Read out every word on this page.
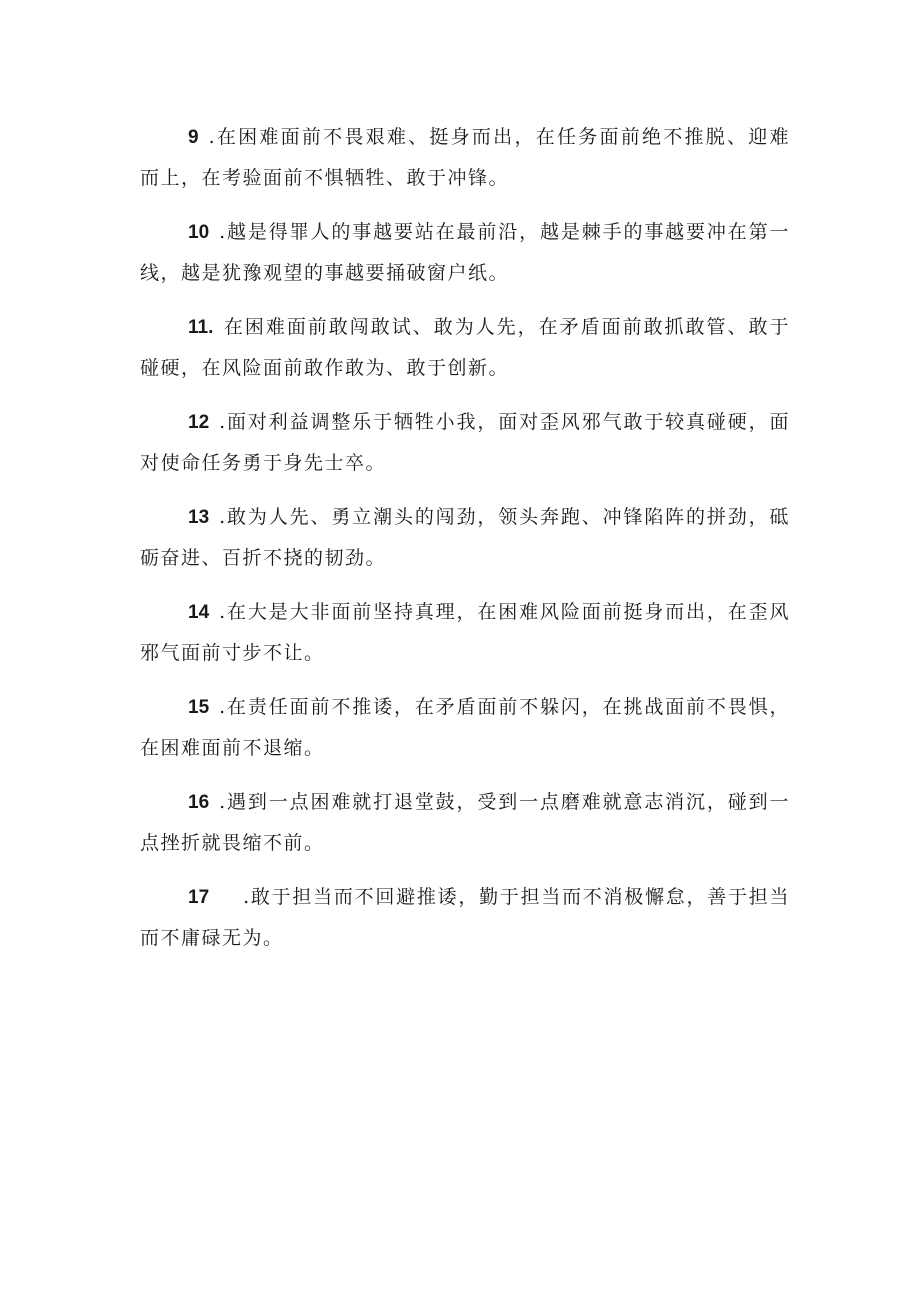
9 .在困难面前不畏艰难、挺身而出，在任务面前绝不推脱、迎难而上，在考验面前不惧牺牲、敢于冲锋。

10 .越是得罪人的事越要站在最前沿，越是棘手的事越要冲在第一线，越是犹豫观望的事越要捅破窗户纸。

11. 在困难面前敢闯敢试、敢为人先，在矛盾面前敢抓敢管、敢于碰硬，在风险面前敢作敢为、敢于创新。

12 .面对利益调整乐于牺牲小我，面对歪风邪气敢于较真碰硬，面对使命任务勇于身先士卒。

13 .敢为人先、勇立潮头的闯劲，领头奔跑、冲锋陷阵的拼劲，砥砺奋进、百折不挠的韧劲。

14 .在大是大非面前坚持真理，在困难风险面前挺身而出，在歪风邪气面前寸步不让。

15 .在责任面前不推诿，在矛盾面前不躲闪，在挑战面前不畏惧，在困难面前不退缩。

16 .遇到一点困难就打退堂鼓，受到一点磨难就意志消沉，碰到一点挫折就畏缩不前。

17 .敢于担当而不回避推诿，勤于担当而不消极懈怠，善于担当而不庸碌无为。
